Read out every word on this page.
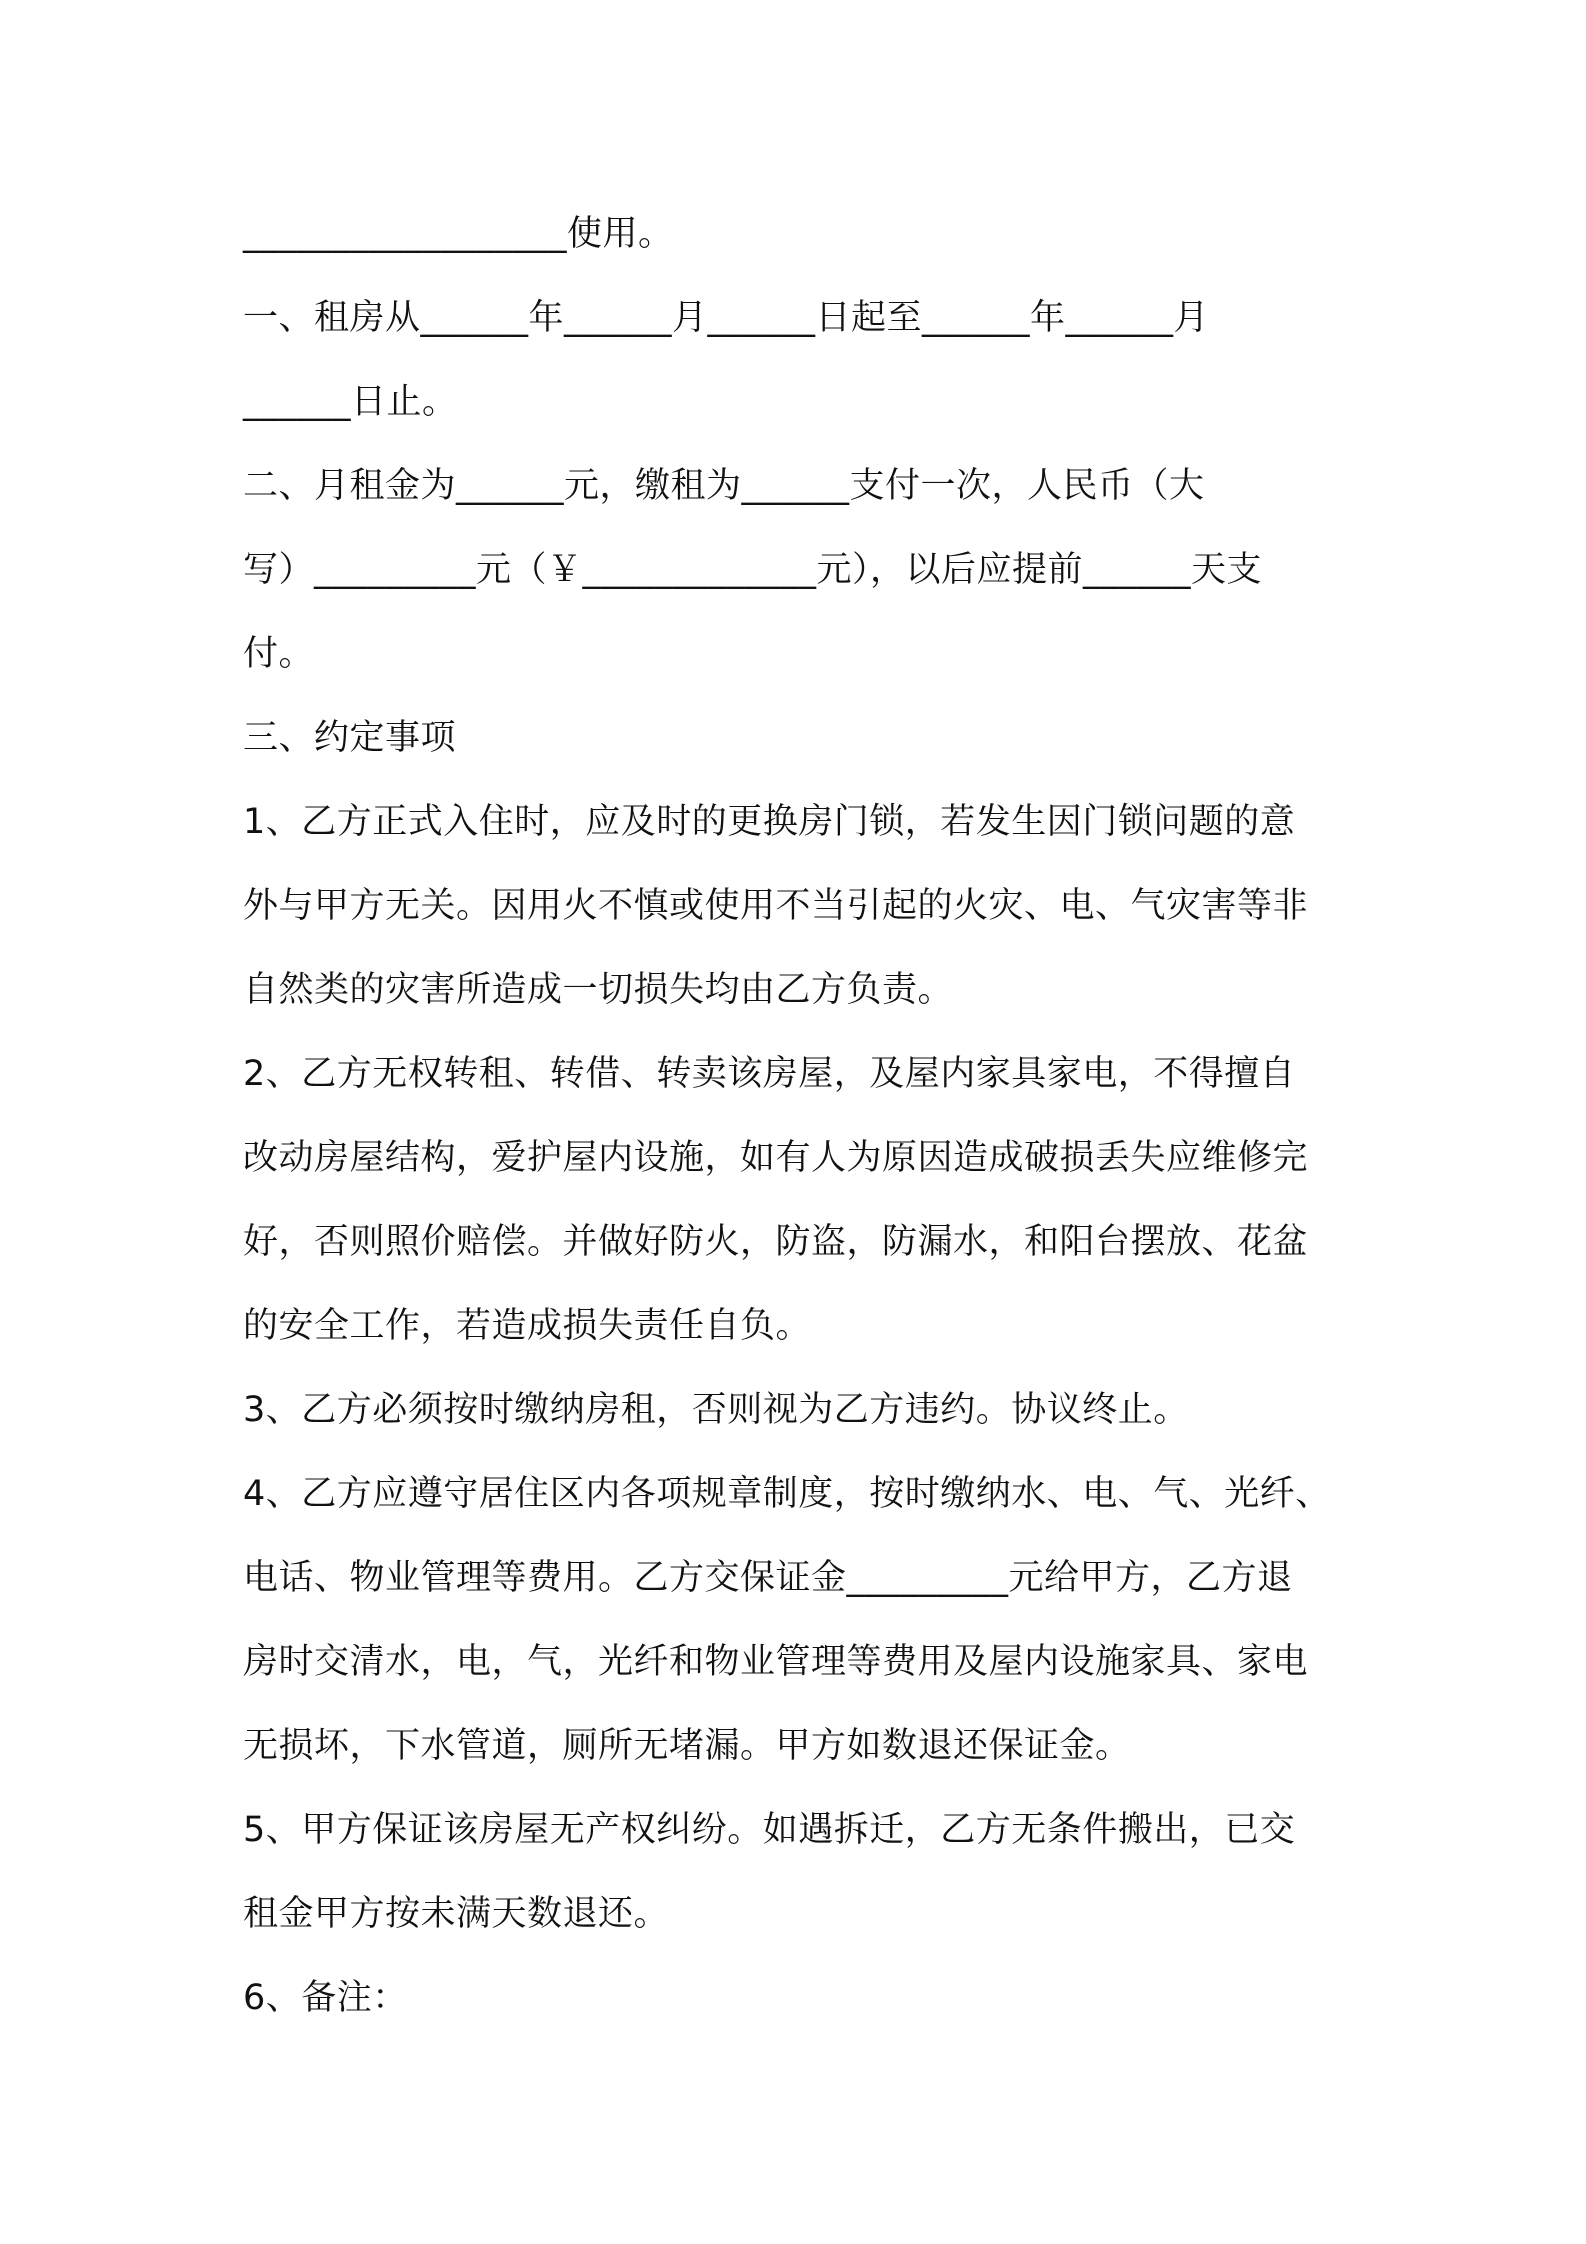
__________________使用。
一、租房从______年______月______日起至______年______月
______日止。
二、月租金为______元，缴租为______支付一次，人民币（大
写）_________元（￥_____________元），以后应提前______天支
付。
三、约定事项
1、乙方正式入住时，应及时的更换房门锁，若发生因门锁问题的意
外与甲方无关。因用火不慎或使用不当引起的火灾、电、气灾害等非
自然类的灾害所造成一切损失均由乙方负责。
2、乙方无权转租、转借、转卖该房屋，及屋内家具家电，不得擅自
改动房屋结构，爱护屋内设施，如有人为原因造成破损丢失应维修完
好，否则照价赔偿。并做好防火，防盗，防漏水，和阳台摆放、花盆
的安全工作，若造成损失责任自负。
3、乙方必须按时缴纳房租，否则视为乙方违约。协议终止。
4、乙方应遵守居住区内各项规章制度，按时缴纳水、电、气、光纤、
电话、物业管理等费用。乙方交保证金_________元给甲方，乙方退
房时交清水，电，气，光纤和物业管理等费用及屋内设施家具、家电
无损坏，下水管道，厕所无堵漏。甲方如数退还保证金。
5、甲方保证该房屋无产权纠纷。如遇拆迁，乙方无条件搬出，已交
租金甲方按未满天数退还。
6、备注：
